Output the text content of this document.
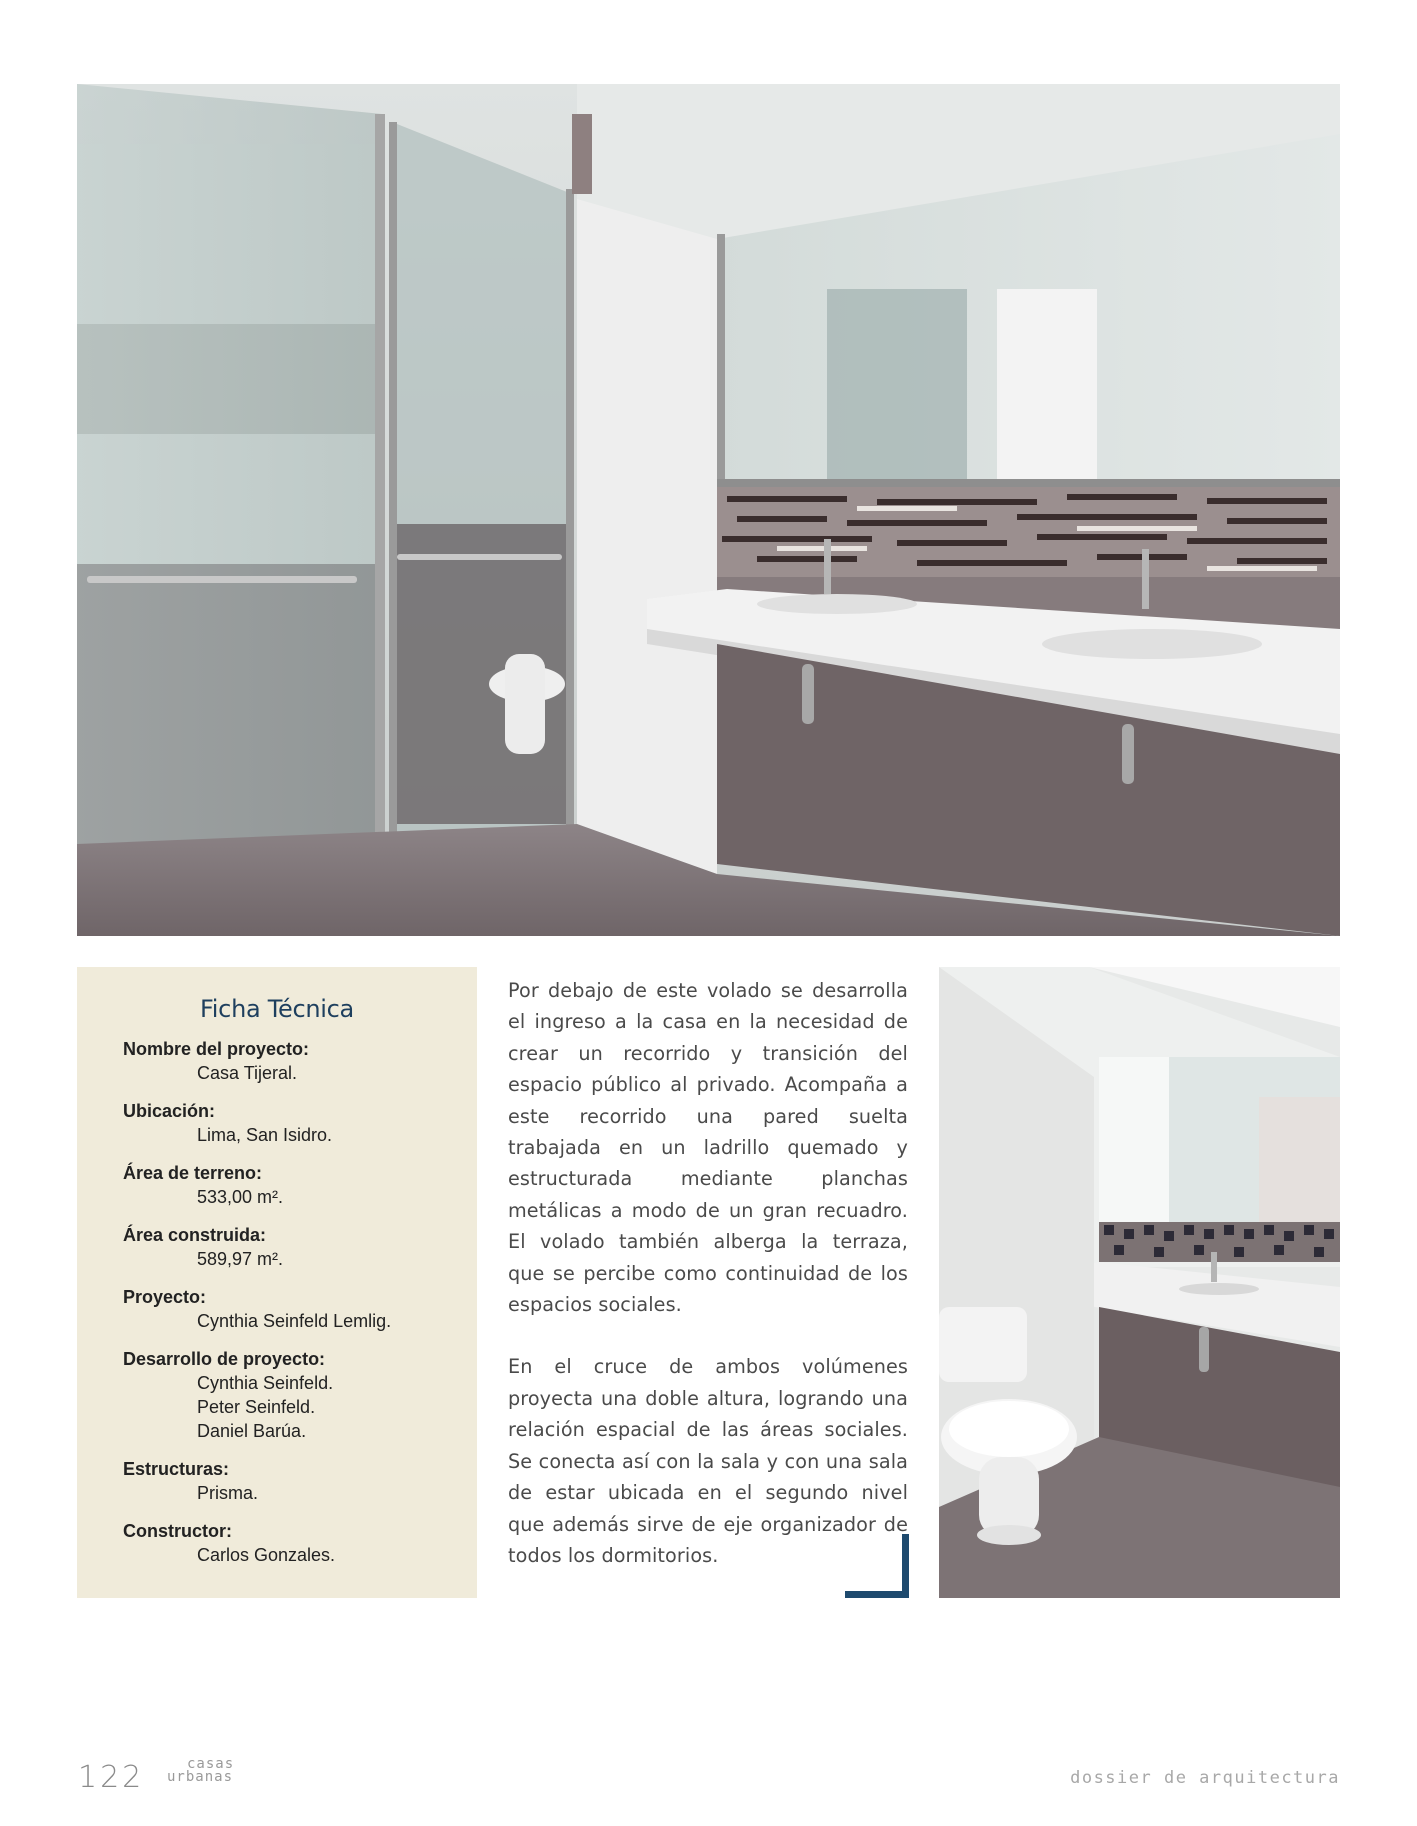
Ficha Técnica
Nombre del proyecto:
Casa Tijeral.
Ubicación:
Lima, San Isidro.
Área de terreno:
533,00 m².
Área construida:
589,97 m².
Proyecto:
Cynthia Seinfeld Lemlig.
Desarrollo de proyecto:
Cynthia Seinfeld.
Peter Seinfeld.
Daniel Barúa.
Estructuras:
Prisma.
Constructor:
Carlos Gonzales.

Por debajo de este volado se desarrolla el ingreso a la casa en la necesidad de crear un recorrido y transición del espacio público al privado. Acompaña a este recorrido una pared suelta trabajada en un ladrillo quemado y estructurada mediante planchas metálicas a modo de un gran recuadro. El volado también alberga la terraza, que se percibe como continuidad de los espacios sociales.

En el cruce de ambos volúmenes proyecta una doble altura, logrando una relación espacial de las áreas sociales. Se conecta así con la sala y con una sala de estar ubicada en el segundo nivel que además sirve de eje organizador de todos los dormitorios.

122	casas
urbanas	dossier de arquitectura
